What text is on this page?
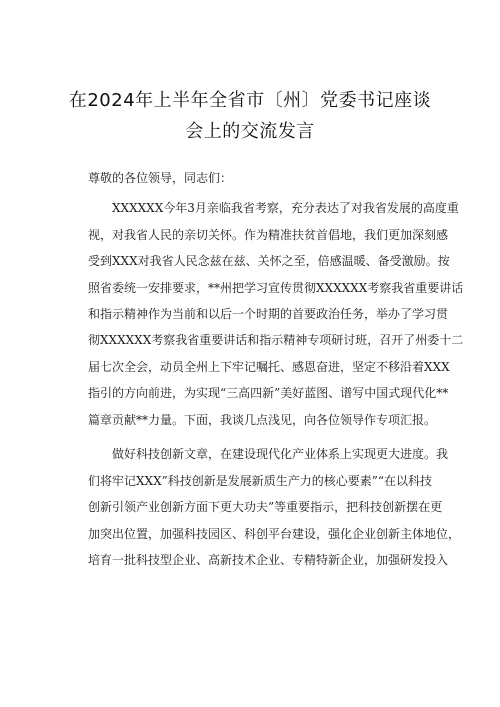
在2024年上半年全省市〔州〕党委书记座谈
会上的交流发言
尊敬的各位领导，同志们：
XXXXXX今年3月亲临我省考察，充分表达了对我省发展的高度重
视，对我省人民的亲切关怀。作为精准扶贫首倡地，我们更加深刻感
受到XXX对我省人民念兹在兹、关怀之至，倍感温暖、备受激励。按
照省委统一安排要求，**州把学习宣传贯彻XXXXXX考察我省重要讲话
和指示精神作为当前和以后一个时期的首要政治任务，举办了学习贯
彻XXXXXX考察我省重要讲话和指示精神专项研讨班，召开了州委十二
届七次全会，动员全州上下牢记嘱托、感恩奋进，坚定不移沿着XXX
指引的方向前进，为实现“三高四新”美好蓝图、谱写中国式现代化**
篇章贡献**力量。下面，我谈几点浅见，向各位领导作专项汇报。
做好科技创新文章，在建设现代化产业体系上实现更大进度。我
们将牢记XXX”科技创新是发展新质生产力的核心要素”“在以科技
创新引领产业创新方面下更大功夫”等重要指示，把科技创新摆在更
加突出位置，加强科技园区、科创平台建设，强化企业创新主体地位，
培育一批科技型企业、高新技术企业、专精特新企业，加强研发投入
